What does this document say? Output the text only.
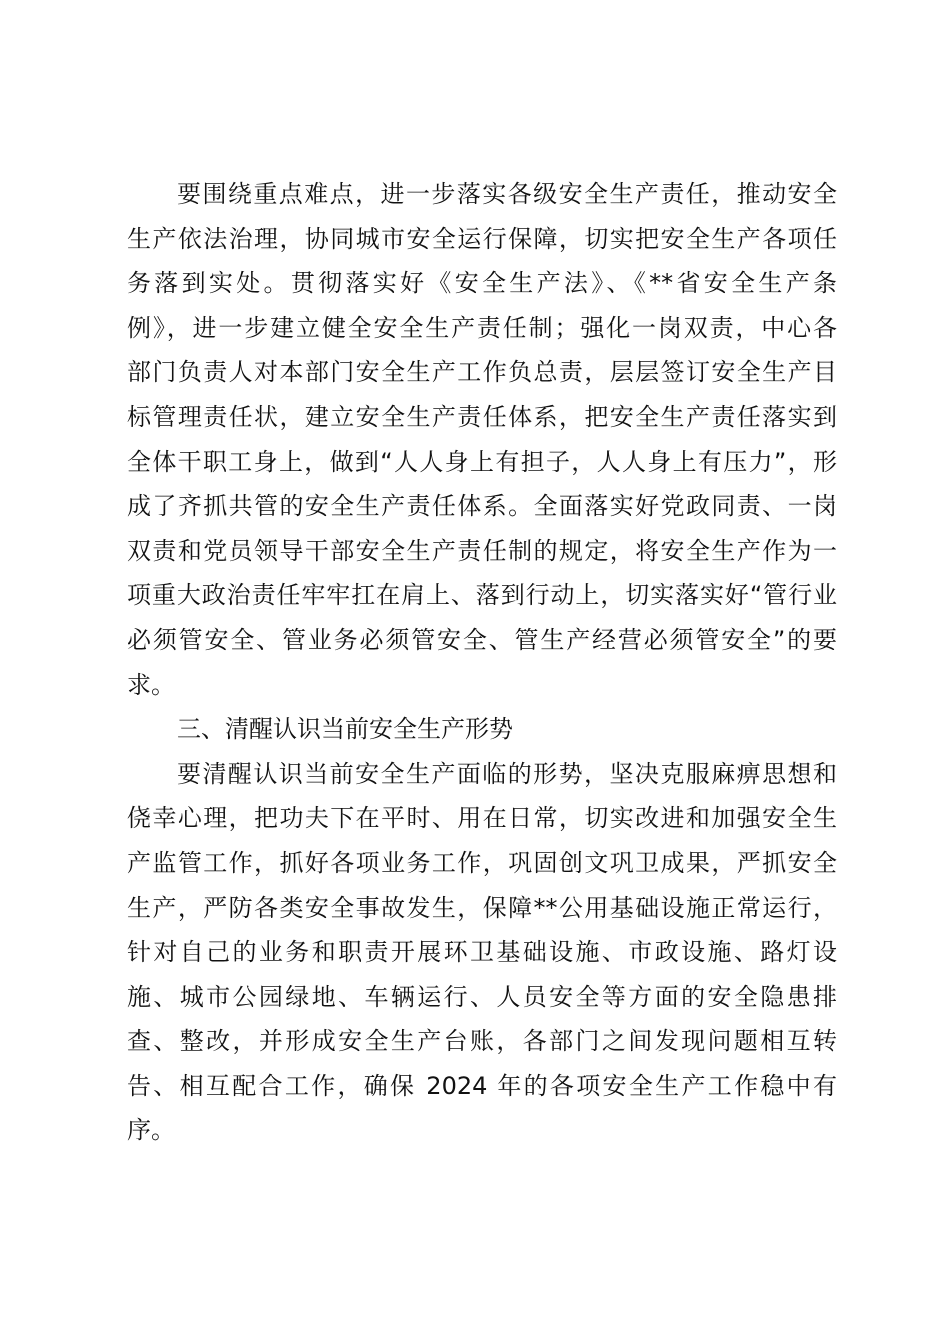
要围绕重点难点，进一步落实各级安全生产责任，推动安全
生产依法治理，协同城市安全运行保障，切实把安全生产各项任
务落到实处。贯彻落实好《安全生产法》、《**省安全生产条
例》，进一步建立健全安全生产责任制；强化一岗双责，中心各
部门负责人对本部门安全生产工作负总责，层层签订安全生产目
标管理责任状，建立安全生产责任体系，把安全生产责任落实到
全体干职工身上，做到“人人身上有担子，人人身上有压力”，形
成了齐抓共管的安全生产责任体系。全面落实好党政同责、一岗
双责和党员领导干部安全生产责任制的规定，将安全生产作为一
项重大政治责任牢牢扛在肩上、落到行动上，切实落实好“管行业
必须管安全、管业务必须管安全、管生产经营必须管安全”的要
求。
三、清醒认识当前安全生产形势
要清醒认识当前安全生产面临的形势，坚决克服麻痹思想和
侥幸心理，把功夫下在平时、用在日常，切实改进和加强安全生
产监管工作，抓好各项业务工作，巩固创文巩卫成果，严抓安全
生产，严防各类安全事故发生，保障**公用基础设施正常运行，
针对自己的业务和职责开展环卫基础设施、市政设施、路灯设
施、城市公园绿地、车辆运行、人员安全等方面的安全隐患排
查、整改，并形成安全生产台账，各部门之间发现问题相互转
告、相互配合工作，确保 2024 年的各项安全生产工作稳中有
序。
